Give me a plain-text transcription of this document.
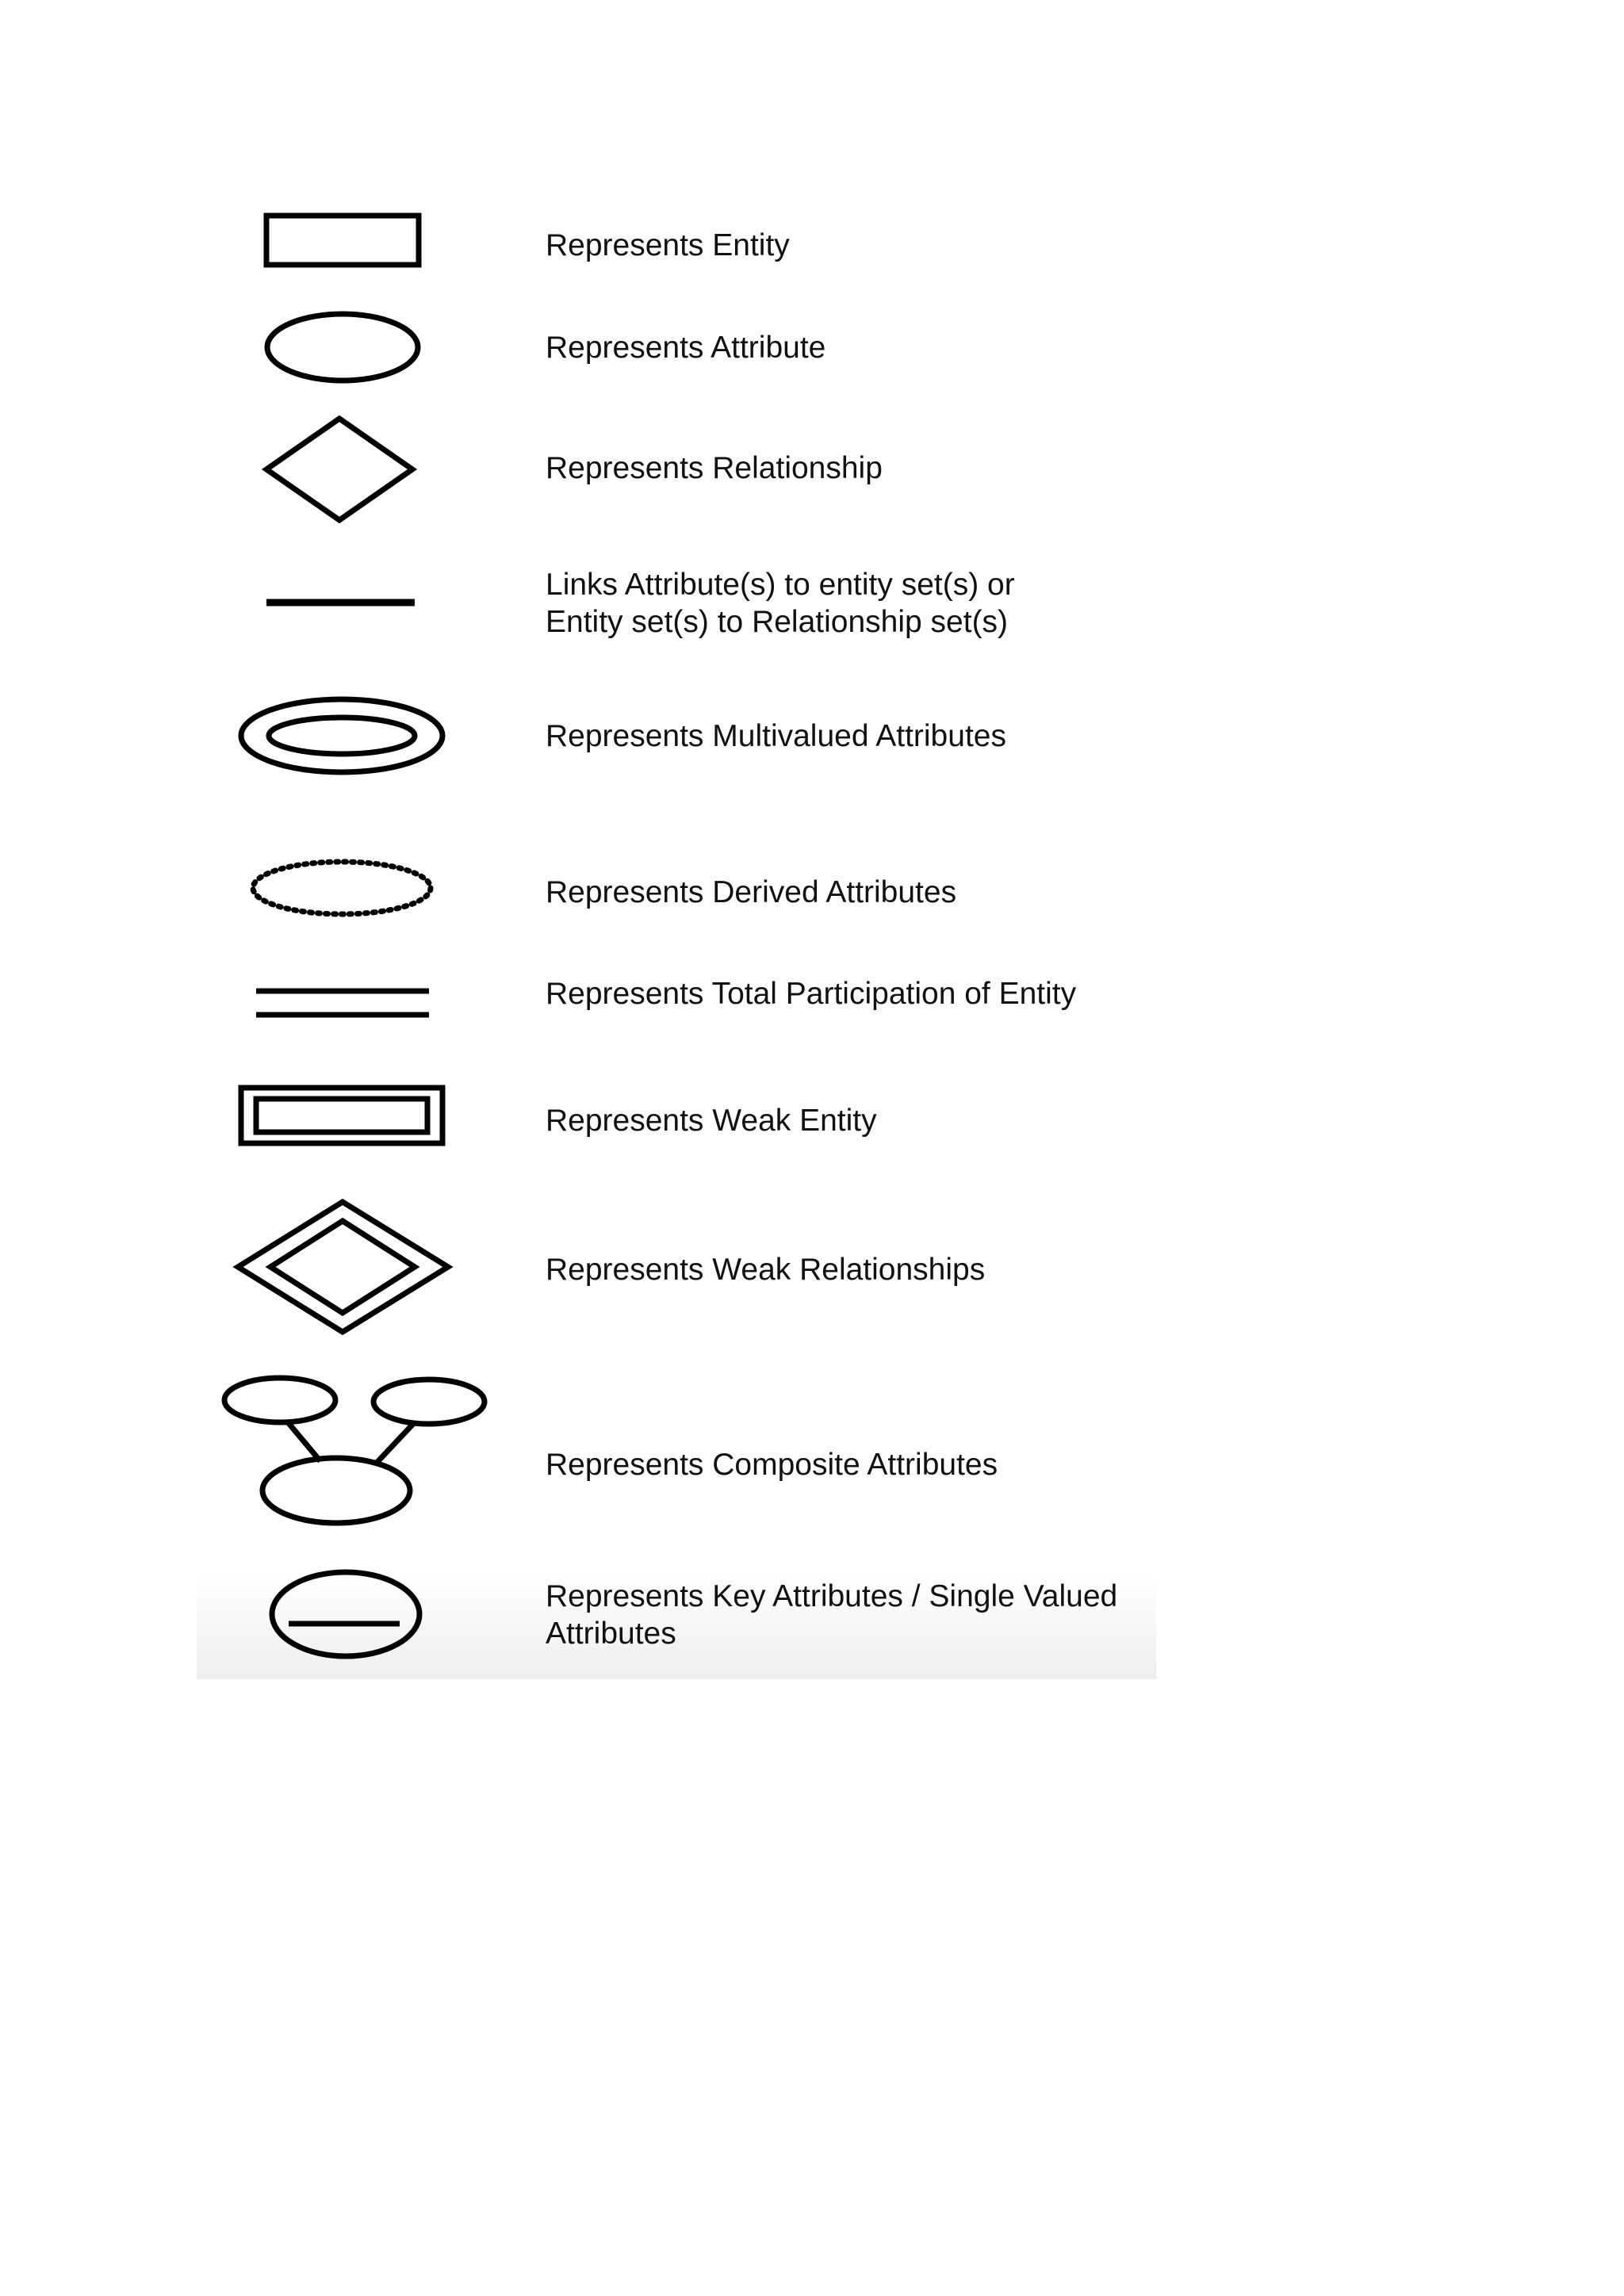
Represents Entity
Represents Attribute
Represents Relationship
Links Attribute(s) to entity set(s) or
Entity set(s) to Relationship set(s)
Represents Multivalued Attributes
Represents Derived Attributes
Represents Total Participation of Entity
Represents Weak Entity
Represents Weak Relationships
Represents Composite Attributes
Represents Key Attributes / Single Valued
Attributes
